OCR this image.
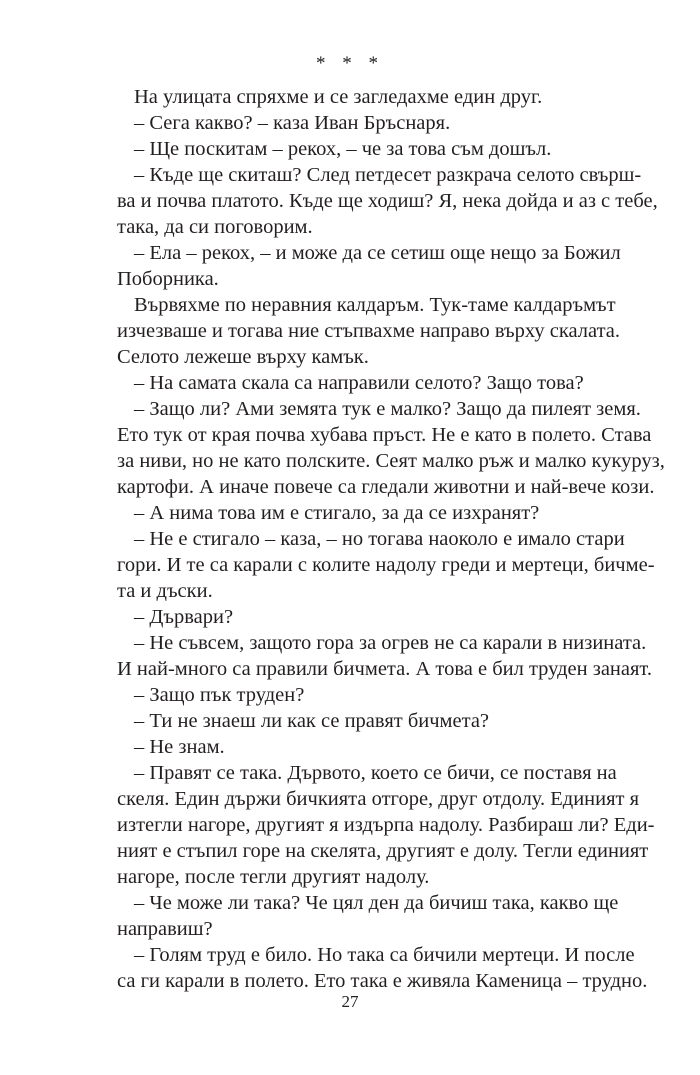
* * *
На улицата спряхме и се загледахме един друг.
– Сега какво? – каза Иван Бръснаря.
– Ще поскитам – рекох, – че за това съм дошъл.
– Къде ще скиташ? След петдесет разкрача селото свърш-
ва и почва платото. Къде ще ходиш? Я, нека дойда и аз с тебе,
така, да си поговорим.
– Ела – рекох, – и може да се сетиш още нещо за Божил
Поборника.
Вървяхме по неравния калдаръм. Тук-таме калдаръмът
изчезваше и тогава ние стъпвахме направо върху скалата.
Селото лежеше върху камък.
– На самата скала са направили селото? Защо това?
– Защо ли? Ами земята тук е малко? Защо да пилеят земя.
Ето тук от края почва хубава пръст. Не е като в полето. Става
за ниви, но не като полските. Сеят малко ръж и малко кукуруз,
картофи. А иначе повече са гледали животни и най-вече кози.
– А нима това им е стигало, за да се изхранят?
– Не е стигало – каза, – но тогава наоколо е имало стари
гори. И те са карали с колите надолу греди и мертеци, бичме-
та и дъски.
– Дървари?
– Не съвсем, защото гора за огрев не са карали в низината.
И най-много са правили бичмета. А това е бил труден занаят.
– Защо пък труден?
– Ти не знаеш ли как се правят бичмета?
– Не знам.
– Правят се така. Дървото, което се бичи, се поставя на
скеля. Един държи бичкията отгоре, друг отдолу. Единият я
изтегли нагоре, другият я издърпа надолу. Разбираш ли? Еди-
ният е стъпил горе на скелята, другият е долу. Тегли единият
нагоре, после тегли другият надолу.
– Че може ли така? Че цял ден да бичиш така, какво ще
направиш?
– Голям труд е било. Но така са бичили мертеци. И после
са ги карали в полето. Ето така е живяла Каменица – трудно.
27
